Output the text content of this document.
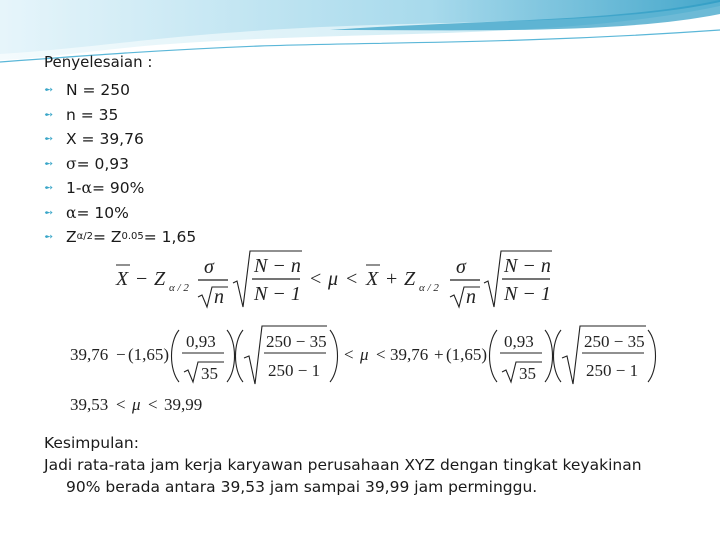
Penyelesaian :
➻ N = 250
➻ n = 35
➻ X = 39,76
➻ σ = 0,93
➻ 1- α = 90%
➻ α = 10%
➻ Z α/2 = Z 0.05 = 1,65
X − Z α / 2
σ
n
N − n
N − 1
< μ < X + Z α / 2
σ
n
N − n
N − 1
39,76 − (1,65)
0,93
35
250 − 35
250 − 1
< μ < 39,76 + (1,65)
0,93
35
250 − 35
250 − 1
39,53 < μ < 39,99
Kesimpulan:
Jadi rata-rata jam kerja karyawan perusahaan XYZ dengan tingkat keyakinan
90% berada antara 39,53 jam sampai 39,99 jam perminggu.
